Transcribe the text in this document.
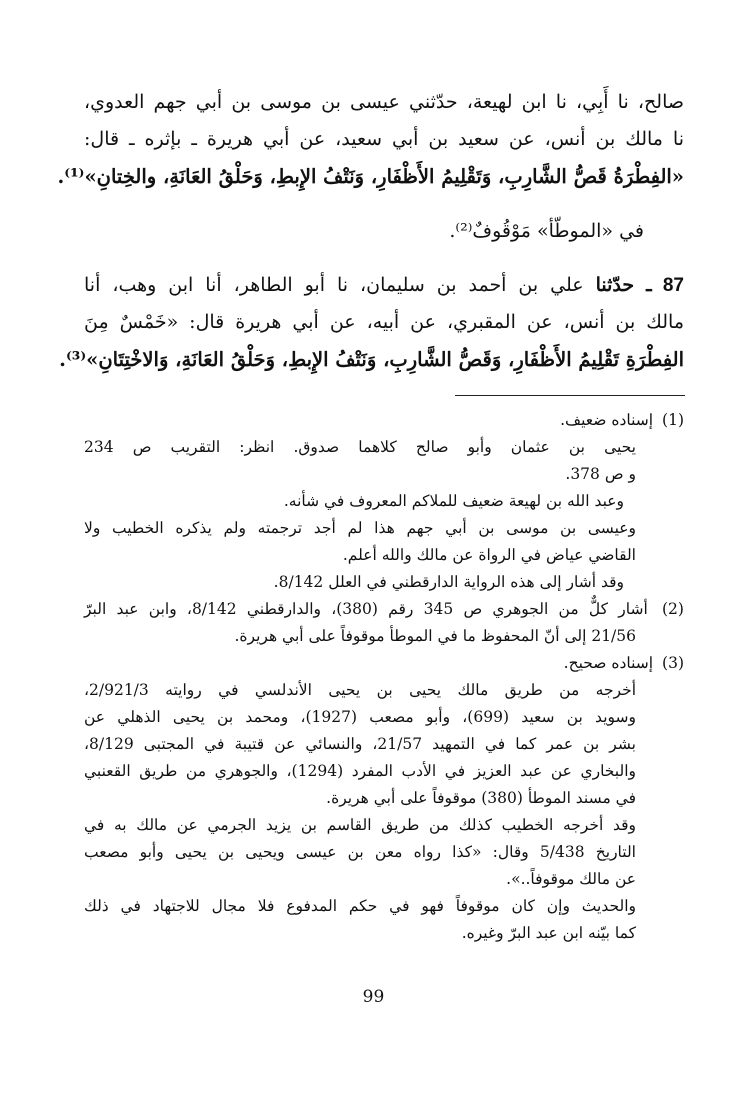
صالح، نا أَبِي، نا ابن لهيعة، حدّثني عيسى بن موسى بن أبي جهم العدوي،
نا مالك بن أنس، عن سعيد بن أبي سعيد، عن أبي هريرة ـ بإثره ـ قال:
«الفِطْرَةُ قَصُّ الشَّارِبِ، وَتَقْلِيمُ الأَظْفَارِ، وَنَتْفُ الإِبطِ، وَحَلْقُ العَانَةِ، والخِتانِ»⁽¹⁾.
في «الموطّأ» مَوْقُوفٌ⁽²⁾.
87 ـ حدّثنا علي بن أحمد بن سليمان، نا أبو الطاهر، أنا ابن وهب، أنا
مالك بن أنس، عن المقبري، عن أبيه، عن أبي هريرة قال: «خَمْسٌ مِنَ
الفِطْرَةِ تَقْلِيمُ الأَظْفَارِ، وَقَصُّ الشَّارِبِ، وَنَتْفُ الإِبطِ، وَحَلْقُ العَانَةِ، وَالاخْتِتَانِ»⁽³⁾.
(1) إسناده ضعيف.
يحيى بن عثمان وأبو صالح كلاهما صدوق. انظر: التقريب ص 234
و ص 378.
وعبد الله بن لهيعة ضعيف للملاكم المعروف في شأنه.
وعيسى بن موسى بن أبي جهم هذا لم أجد ترجمته ولم يذكره الخطيب ولا
القاضي عياض في الرواة عن مالك والله أعلم.
وقد أشار إلى هذه الرواية الدارقطني في العلل 8/142.
(2) أشار كلٌّ من الجوهري ص 345 رقم (380)، والدارقطني 8/142، وابن عبد البرّ
21/56 إلى أنّ المحفوظ ما في الموطأ موقوفاً على أبي هريرة.
(3) إسناده صحيح.
أخرجه من طريق مالك يحيى بن يحيى الأندلسي في روايته 2/921/3،
وسويد بن سعيد (699)، وأبو مصعب (1927)، ومحمد بن يحيى الذهلي عن
بشر بن عمر كما في التمهيد 21/57، والنسائي عن قتيبة في المجتبى 8/129،
والبخاري عن عبد العزيز في الأدب المفرد (1294)، والجوهري من طريق القعنبي
في مسند الموطأ (380) موقوفاً على أبي هريرة.
وقد أخرجه الخطيب كذلك من طريق القاسم بن يزيد الجرمي عن مالك به في
التاريخ 5/438 وقال: «كذا رواه معن بن عيسى ويحيى بن يحيى وأبو مصعب
عن مالك موقوفاً..».
والحديث وإن كان موقوفاً فهو في حكم المدفوع فلا مجال للاجتهاد في ذلك
كما بيّنه ابن عبد البرّ وغيره.
99
